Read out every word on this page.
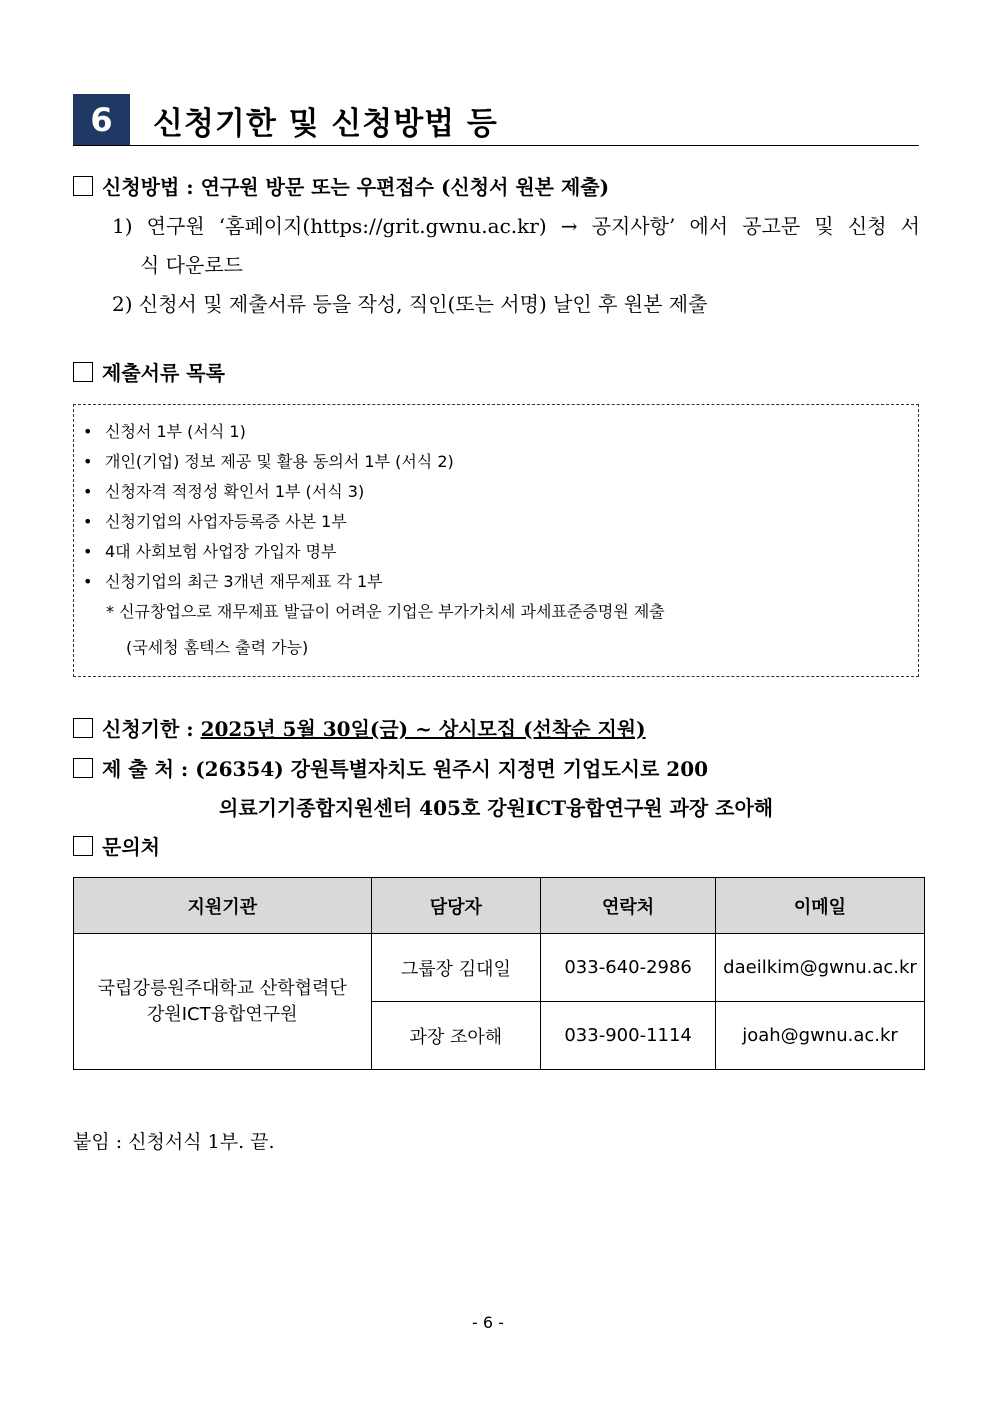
6	신청기한 및 신청방법 등
신청방법 : 연구원 방문 또는 우편접수 (신청서 원본 제출)
1) 연구원 ‘홈페이지(https://grit.gwnu.ac.kr) → 공지사항’ 에서 공고문 및 신청 서
식 다운로드
2) 신청서 및 제출서류 등을 작성, 직인(또는 서명) 날인 후 원본 제출
제출서류 목록
• 신청서 1부 (서식 1)
• 개인(기업) 정보 제공 및 활용 동의서 1부 (서식 2)
• 신청자격 적정성 확인서 1부 (서식 3)
• 신청기업의 사업자등록증 사본 1부
• 4대 사회보험 사업장 가입자 명부
• 신청기업의 최근 3개년 재무제표 각 1부
* 신규창업으로 재무제표 발급이 어려운 기업은 부가가치세 과세표준증명원 제출
(국세청 홈텍스 출력 가능)
신청기한 : 2025년 5월 30일(금) ~ 상시모집 (선착순 지원)
제 출 처 : (26354) 강원특별자치도 원주시 지정면 기업도시로 200
의료기기종합지원센터 405호 강원ICT융합연구원 과장 조아해
문의처
지원기관	담당자	연락처	이메일

국립강릉원주대학교 산학협력단
강원ICT융합연구원	그룹장 김대일	033-640-2986	daeilkim@gwnu.ac.kr
	과장 조아해	033-900-1114	joah@gwnu.ac.kr
붙임 : 신청서식 1부. 끝.
- 6 -
